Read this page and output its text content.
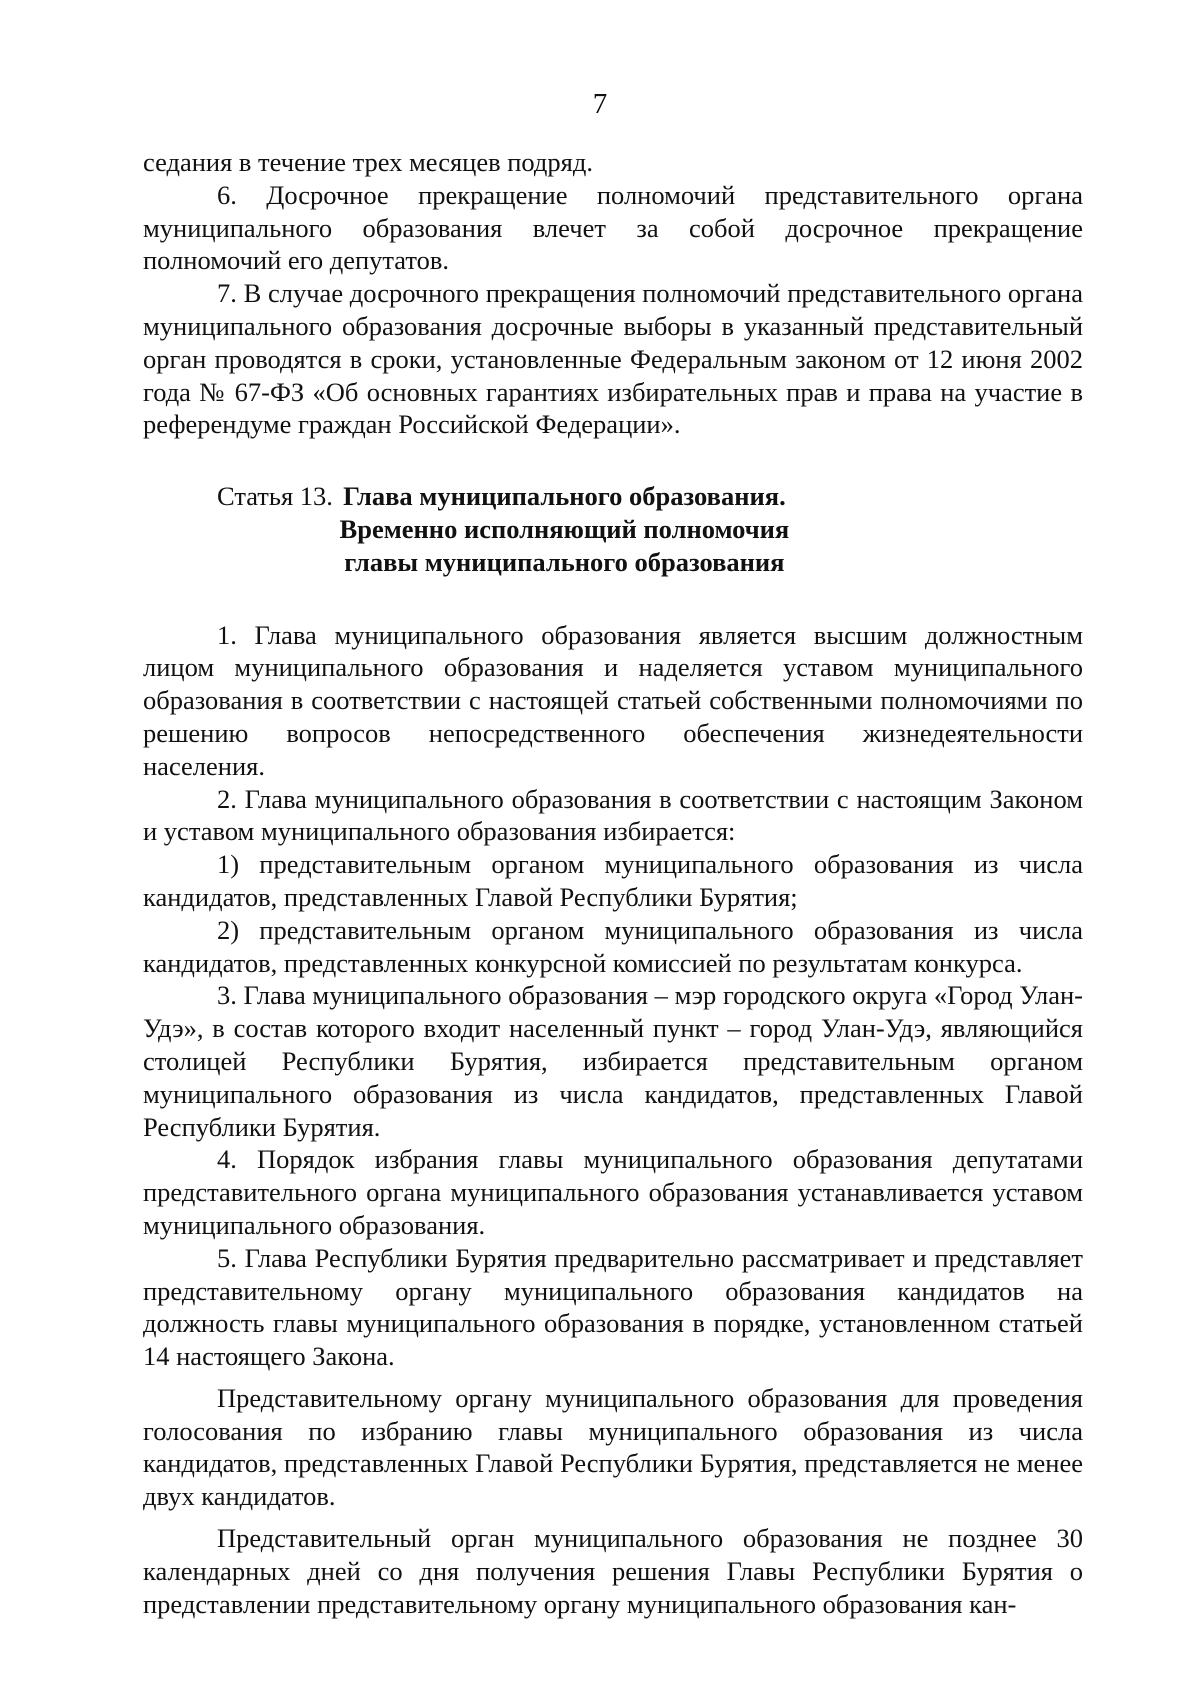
7

седания в течение трех месяцев подряд.

6. Досрочное прекращение полномочий представительного органа муниципального образования влечет за собой досрочное прекращение полномочий его депутатов.

7. В случае досрочного прекращения полномочий представительного органа муниципального образования досрочные выборы в указанный представительный орган проводятся в сроки, установленные Федеральным законом от 12 июня 2002 года № 67-ФЗ «Об основных гарантиях избирательных прав и права на участие в референдуме граждан Российской Федерации».

Статья 13. Глава муниципального образования.
Временно исполняющий полномочия
главы муниципального образования

1. Глава муниципального образования является высшим должностным лицом муниципального образования и наделяется уставом муниципального образования в соответствии с настоящей статьей собственными полномочиями по решению вопросов непосредственного обеспечения жизнедеятельности населения.

2. Глава муниципального образования в соответствии с настоящим Законом и уставом муниципального образования избирается:

1) представительным органом муниципального образования из числа кандидатов, представленных Главой Республики Бурятия;

2) представительным органом муниципального образования из числа кандидатов, представленных конкурсной комиссией по результатам конкурса.

3. Глава муниципального образования – мэр городского округа «Город Улан-Удэ», в состав которого входит населенный пункт – город Улан-Удэ, являющийся столицей Республики Бурятия, избирается представительным органом муниципального образования из числа кандидатов, представленных Главой Республики Бурятия.

4. Порядок избрания главы муниципального образования депутатами представительного органа муниципального образования устанавливается уставом муниципального образования.

5. Глава Республики Бурятия предварительно рассматривает и представляет представительному органу муниципального образования кандидатов на должность главы муниципального образования в порядке, установленном статьей 14 настоящего Закона.

Представительному органу муниципального образования для проведения голосования по избранию главы муниципального образования из числа кандидатов, представленных Главой Республики Бурятия, представляется не менее двух кандидатов.

Представительный орган муниципального образования не позднее 30 календарных дней со дня получения решения Главы Республики Бурятия о представлении представительному органу муниципального образования кан-
